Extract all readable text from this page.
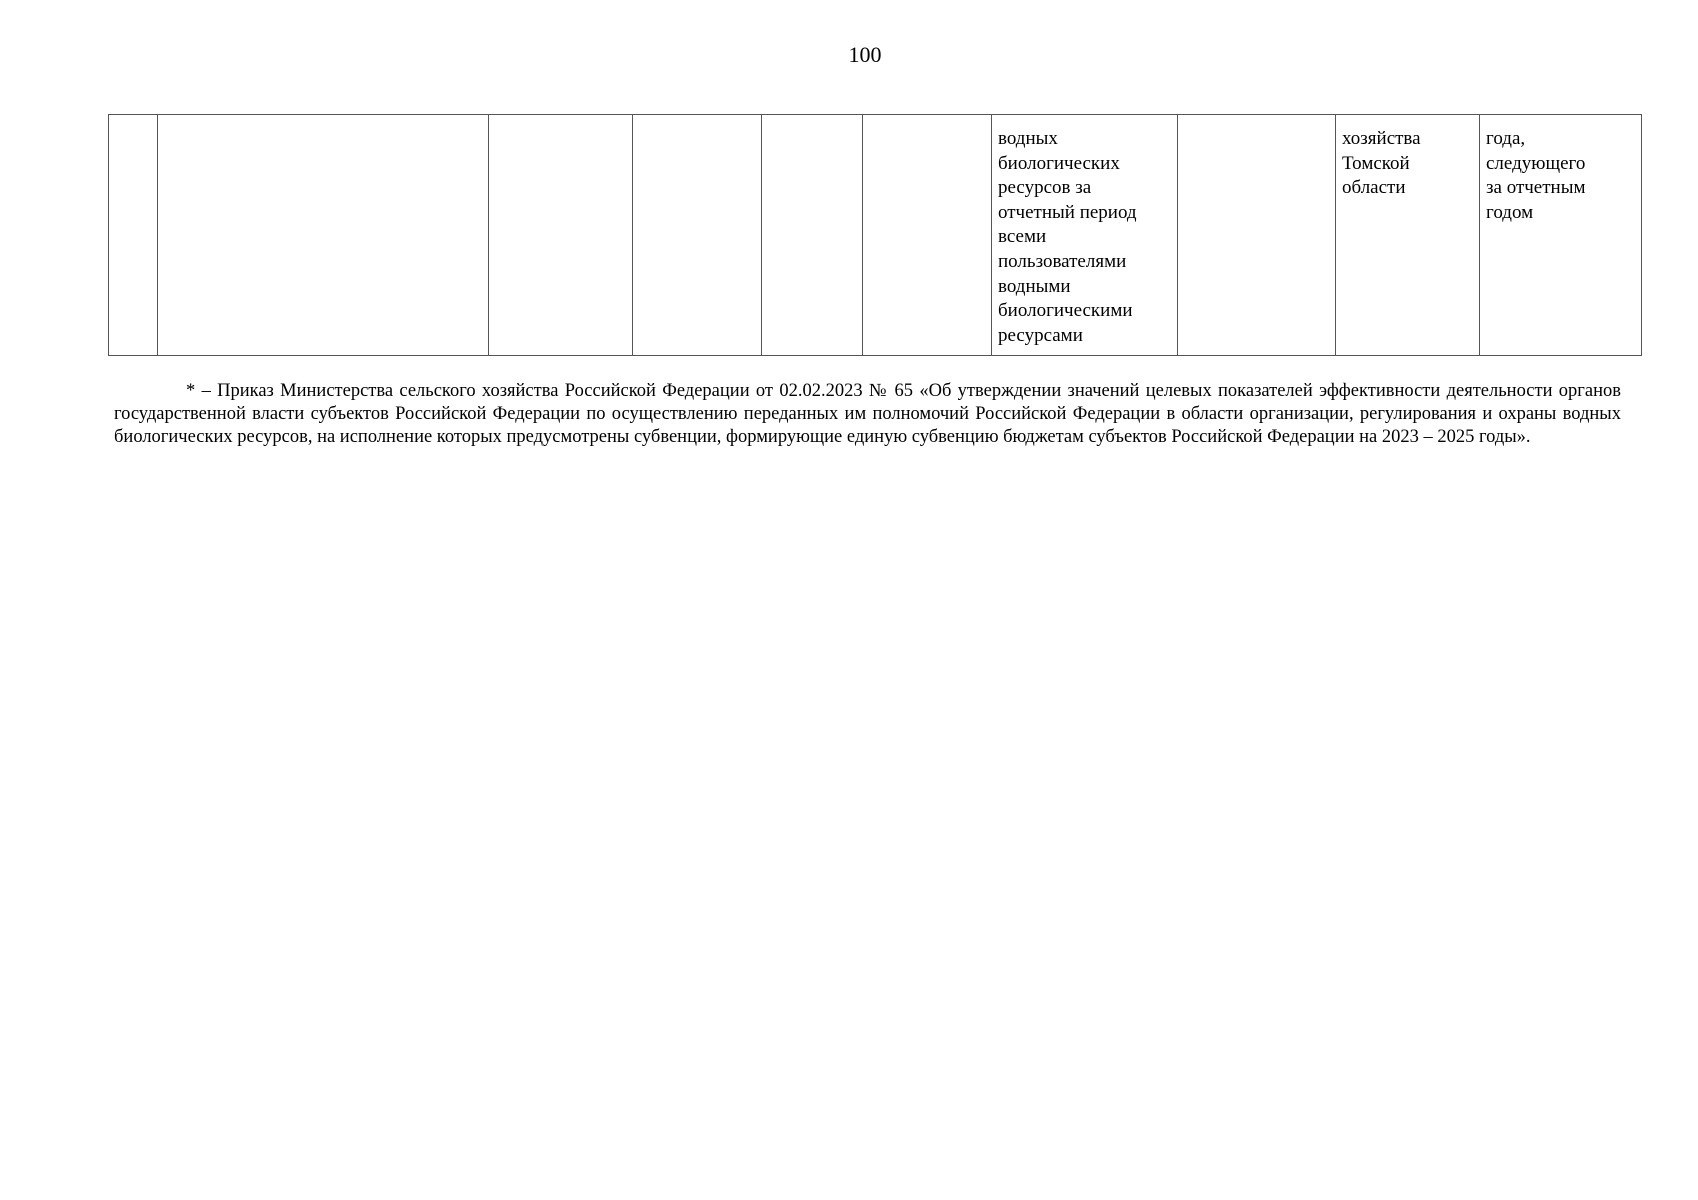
100
						водных
биологических
ресурсов за
отчетный период
всеми
пользователями
водными
биологическими
ресурсами		хозяйства
Томской
области	года,
следующего
за отчетным
годом
* – Приказ Министерства сельского хозяйства Российской Федерации от 02.02.2023 № 65 «Об утверждении значений целевых показателей эффективности деятельности органов государственной власти субъектов Российской Федерации по осуществлению переданных им полномочий Российской Федерации в области организации, регулирования и охраны водных биологических ресурсов, на исполнение которых предусмотрены субвенции, формирующие единую субвенцию бюджетам субъектов Российской Федерации на 2023 – 2025 годы».
